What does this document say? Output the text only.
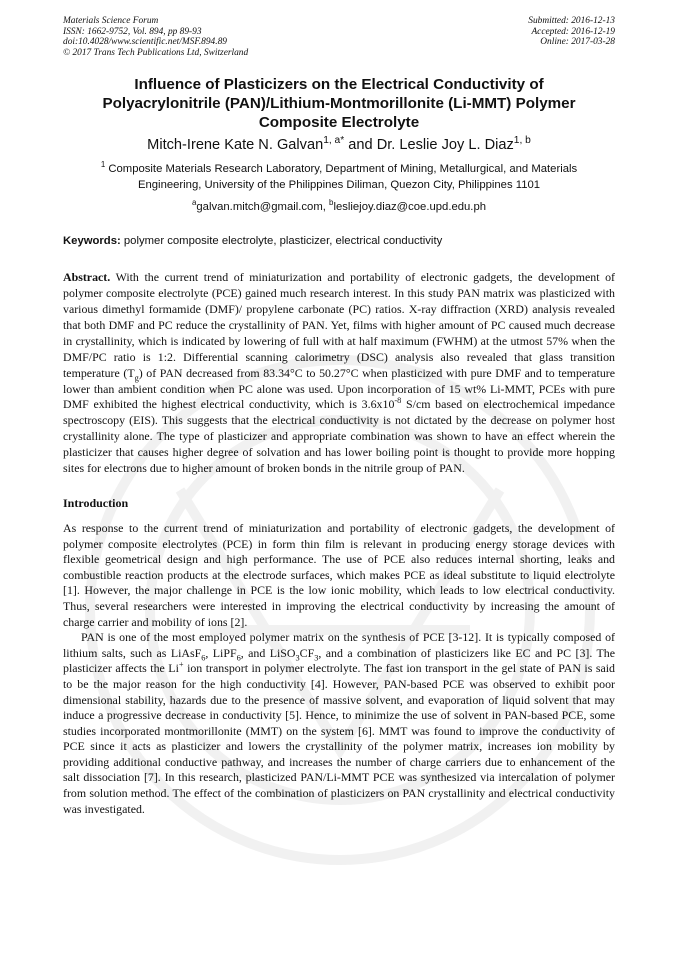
Materials Science Forum
ISSN: 1662-9752, Vol. 894, pp 89-93
doi:10.4028/www.scientific.net/MSF.894.89
© 2017 Trans Tech Publications Ltd, Switzerland
Submitted: 2016-12-13
Accepted: 2016-12-19
Online: 2017-03-28
Influence of Plasticizers on the Electrical Conductivity of
Polyacrylonitrile (PAN)/Lithium-Montmorillonite (Li-MMT) Polymer
Composite Electrolyte
Mitch-Irene Kate N. Galvan$^{1, a*}$ and Dr. Leslie Joy L. Diaz$^{1, b}$
$^1$ Composite Materials Research Laboratory, Department of Mining, Metallurgical, and Materials
Engineering, University of the Philippines Diliman, Quezon City, Philippines 1101
$^a$galvan.mitch@gmail.com, $^b$lesliejoy.diaz@coe.upd.edu.ph
Keywords: polymer composite electrolyte, plasticizer, electrical conductivity
Abstract. With the current trend of miniaturization and portability of electronic gadgets, the development of polymer composite electrolyte (PCE) gained much research interest. In this study PAN matrix was plasticized with various dimethyl formamide (DMF)/ propylene carbonate (PC) ratios. X-ray diffraction (XRD) analysis revealed that both DMF and PC reduce the crystallinity of PAN. Yet, films with higher amount of PC caused much decrease in crystallinity, which is indicated by lowering of full with at half maximum (FWHM) at the utmost 57% when the DMF/PC ratio is 1:2. Differential scanning calorimetry (DSC) analysis also revealed that glass transition temperature $(T_g)$ of PAN decreased from 83.34°C to 50.27°C when plasticized with pure DMF and to temperature lower than ambient condition when PC alone was used. Upon incorporation of 15 wt% Li-MMT, PCEs with pure DMF exhibited the highest electrical conductivity, which is $3.6x10^{-8}$ S/cm based on electrochemical impedance spectroscopy (EIS). This suggests that the electrical conductivity is not dictated by the decrease on polymer host crystallinity alone. The type of plasticizer and appropriate combination was shown to have an effect wherein the plasticizer that causes higher degree of solvation and has lower boiling point is thought to provide more hopping sites for electrons due to higher amount of broken bonds in the nitrile group of PAN.
Introduction
As response to the current trend of miniaturization and portability of electronic gadgets, the development of polymer composite electrolytes (PCE) in form thin film is relevant in producing energy storage devices with flexible geometrical design and high performance. The use of PCE also reduces internal shorting, leaks and combustible reaction products at the electrode surfaces, which makes PCE as ideal substitute to liquid electrolyte [1]. However, the major challenge in PCE is the low ionic mobility, which leads to low electrical conductivity. Thus, several researchers were interested in improving the electrical conductivity by increasing the amount of charge carrier and mobility of ions [2].
PAN is one of the most employed polymer matrix on the synthesis of PCE [3-12]. It is typically composed of lithium salts, such as LiAsF$_6$, LiPF$_6$, and $LiSO_3CF_3$, and a combination of plasticizers like EC and PC [3]. The plasticizer affects the Li+ ion transport in polymer electrolyte. The fast ion transport in the gel state of PAN is said to be the major reason for the high conductivity [4]. However, PAN-based PCE was observed to exhibit poor dimensional stability, hazards due to the presence of massive solvent, and evaporation of liquid solvent that may induce a progressive decrease in conductivity [5]. Hence, to minimize the use of solvent in PAN-based PCE, some studies incorporated montmorillonite (MMT) on the system [6]. MMT was found to improve the conductivity of PCE since it acts as plasticizer and lowers the crystallinity of the polymer matrix, increases ion mobility by providing additional conductive pathway, and increases the number of charge carriers due to enhancement of the salt dissociation [7]. In this research, plasticized PAN/Li-MMT PCE was synthesized via intercalation of polymer from solution method. The effect of the combination of plasticizers on PAN crystallinity and electrical conductivity was investigated.
